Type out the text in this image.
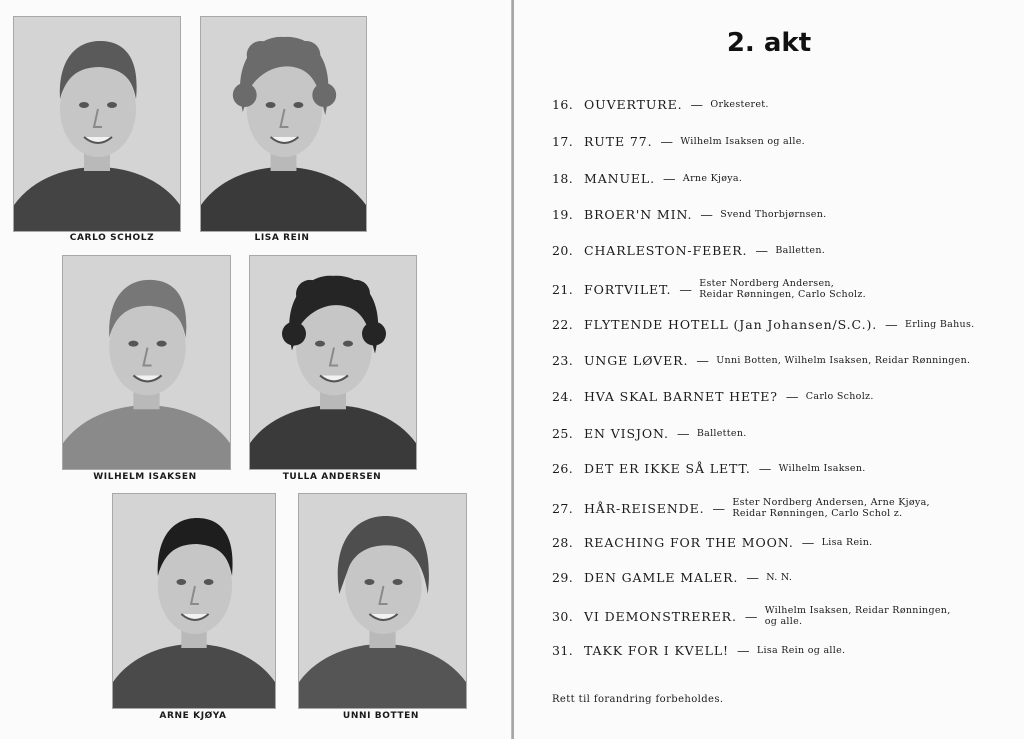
CARLO SCHOLZ	LISA REIN
WILHELM ISAKSEN	TULLA ANDERSEN
ARNE KJØYA	UNNI BOTTEN
2. akt
16. OUVERTURE. — Orkesteret.
17. RUTE 77. — Wilhelm Isaksen og alle.
18. MANUEL. — Arne Kjøya.
19. BROER'N MIN. — Svend Thorbjørnsen.
20. CHARLESTON-FEBER. — Balletten.
21. FORTVILET. — Ester Nordberg Andersen,
Reidar Rønningen, Carlo Scholz.
22. FLYTENDE HOTELL (Jan Johansen/S.C.). — Erling Bahus.
23. UNGE LØVER. — Unni Botten, Wilhelm Isaksen, Reidar Rønningen.
24. HVA SKAL BARNET HETE? — Carlo Scholz.
25. EN VISJON. — Balletten.
26. DET ER IKKE SÅ LETT. — Wilhelm Isaksen.
27. HÅR-REISENDE. — Ester Nordberg Andersen, Arne Kjøya,
Reidar Rønningen, Carlo Schol z.
28. REACHING FOR THE MOON. — Lisa Rein.
29. DEN GAMLE MALER. — N. N.
30. VI DEMONSTRERER. — Wilhelm Isaksen, Reidar Rønningen,
og alle.
31. TAKK FOR I KVELL! — Lisa Rein og alle.
Rett til forandring forbeholdes.
